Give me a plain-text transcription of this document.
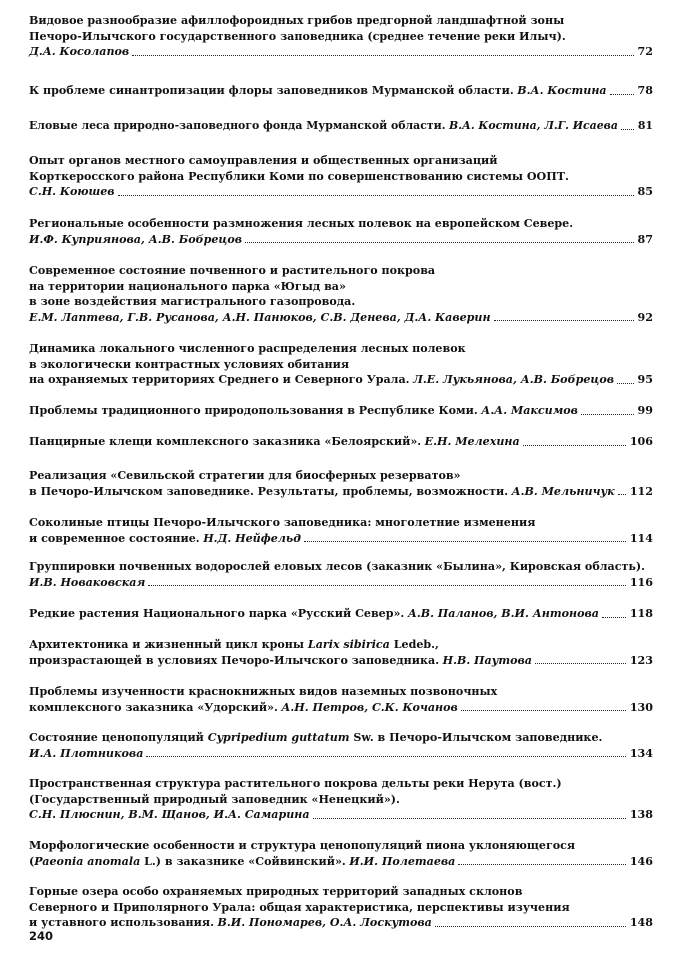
Видовое разнообразие афиллофороидных грибов предгорной ландшафтной зоны
Печоро-Илычского государственного заповедника (среднее течение реки Илыч).
Д.А. Косолапов	72
К проблеме синантропизации флоры заповедников Мурманской области.
В.А. Костина	78
Еловые леса природно-заповедного фонда Мурманской области.
В.А. Костина, Л.Г. Исаева 81
Опыт органов местного самоуправления и общественных организаций
Корткеросского района Республики Коми по совершенствованию системы ООПТ.
С.Н. Коюшев	85
Региональные особенности размножения лесных полевок на европейском Севере.
И.Ф. Куприянова, А.В. Бобрецов	87
Современное состояние почвенного и растительного покрова
на территории национального парка «Югыд ва»
в зоне воздействия магистрального газопровода.
Е.М. Лаптева, Г.В. Русанова, А.Н. Панюков, С.В. Денева, Д.А. Каверин	92
Динамика локального численного распределения лесных полевок
в экологически контрастных условиях обитания
на охраняемых территориях Среднего и Северного Урала.
Л.Е. Лукьянова, А.В. Бобрецов 95
Проблемы традиционного природопользования в Республике Коми.
А.А. Максимов	99
Панцирные клещи комплексного заказника «Белоярский».
Е.Н. Мелехина	106
Реализация «Севильской стратегии для биосферных резерватов»
в Печоро-Илычском заповеднике. Результаты, проблемы, возможности.
А.В. Мельничук 112
Соколиные птицы Печоро-Илычского заповедника: многолетние изменения
и современное состояние.
Н.Д. Нейфельд	114
Группировки почвенных водорослей еловых лесов (заказник «Былина», Кировская область).
И.В. Новаковская	116
Редкие растения Национального парка «Русский Север».
А.В. Паланов, В.И. Антонова	118
Архитектоника и жизненный цикл кроны Larix sibirica Ledeb.,
произрастающей в условиях Печоро-Илычского заповедника.
Н.В. Паутова	123
Проблемы изученности краснокнижных видов наземных позвоночных
комплексного заказника «Удорский».
А.Н. Петров, С.К. Кочанов	130
Состояние ценопопуляций Cypripedium guttatum Sw. в Печоро-Илычском заповеднике.
И.А. Плотникова	134
Пространственная структура растительного покрова дельты реки Нерута (вост.)
(Государственный природный заповедник «Ненецкий»).
С.Н. Плюснин, В.М. Щанов, И.А. Самарина	138
Морфологические особенности и структура ценопопуляций пиона уклоняющегося
(Paeonia anomala L.) в заказнике «Сойвинский».
И.И. Полетаева	146
Горные озера особо охраняемых природных территорий западных склонов
Северного и Приполярного Урала: общая характеристика, перспективы изучения
и уставного использования.
В.И. Пономарев, О.А. Лоскутова	148
240
